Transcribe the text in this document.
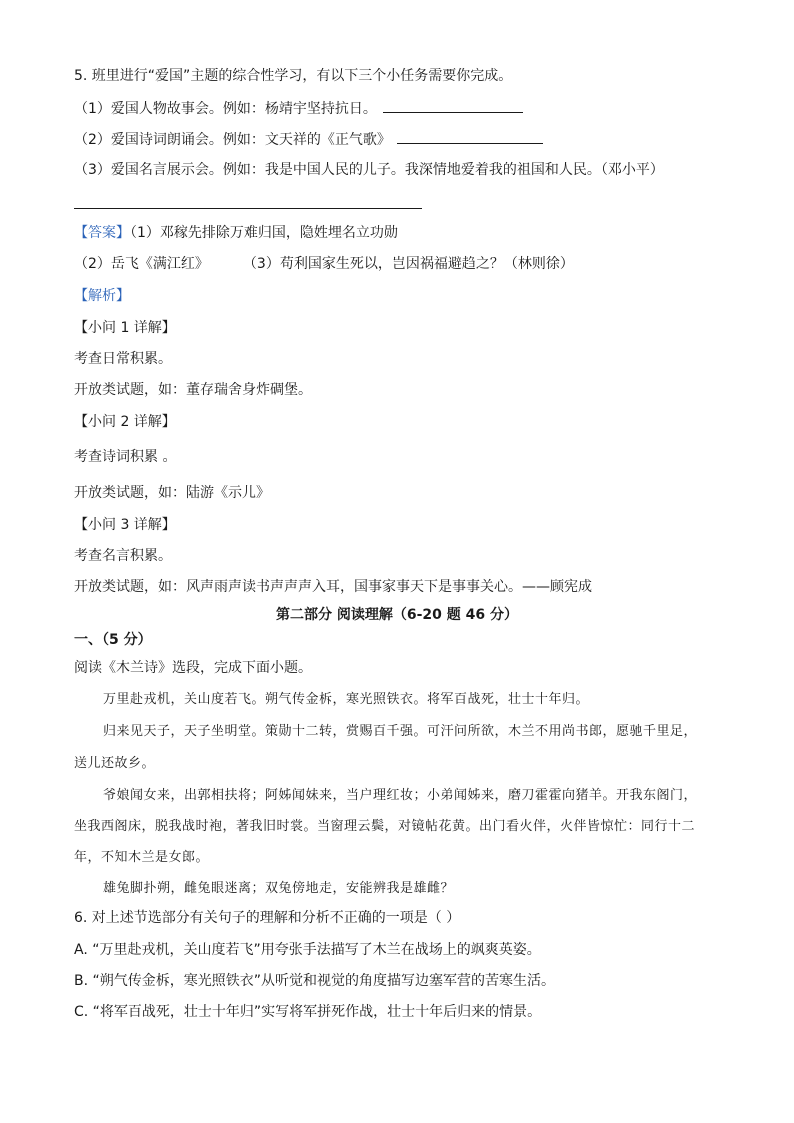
5. 班里进行“爱国”主题的综合性学习，有以下三个小任务需要你完成。
（1）爱国人物故事会。例如：杨靖宇坚持抗日。
（2）爱国诗词朗诵会。例如：文天祥的《正气歌》
（3）爱国名言展示会。例如：我是中国人民的儿子。我深情地爱着我的祖国和人民。（邓小平）
【答案】（1）邓稼先排除万难归国，隐姓埋名立功勋
（2）岳飞《满江红》 （3）苟利国家生死以，岂因祸福避趋之？（林则徐）
【解析】
【小问 1 详解】
考查日常积累。
开放类试题，如：董存瑞舍身炸碉堡。
【小问 2 详解】
考查诗词积累 。
开放类试题，如：陆游《示儿》
【小问 3 详解】
考查名言积累。
开放类试题，如：风声雨声读书声声声入耳，国事家事天下是事事关心。——顾宪成
第二部分 阅读理解（6-20 题 46 分）
一、（5 分）
阅读《木兰诗》选段，完成下面小题。
万里赴戎机，关山度若飞。朔气传金柝，寒光照铁衣。将军百战死，壮士十年归。
归来见天子，天子坐明堂。策勋十二转，赏赐百千强。可汗问所欲，木兰不用尚书郎，愿驰千里足，
送儿还故乡。
爷娘闻女来，出郭相扶将；阿姊闻妹来，当户理红妆；小弟闻姊来，磨刀霍霍向猪羊。开我东阁门，
坐我西阁床，脱我战时袍，著我旧时裳。当窗理云鬓，对镜帖花黄。出门看火伴，火伴皆惊忙：同行十二
年，不知木兰是女郎。
雄兔脚扑朔，雌兔眼迷离；双兔傍地走，安能辨我是雄雌？
6. 对上述节选部分有关句子的理解和分析不正确的一项是（ ）
A. “万里赴戎机，关山度若飞”用夸张手法描写了木兰在战场上的飒爽英姿。
B. “朔气传金柝，寒光照铁衣”从听觉和视觉的角度描写边塞军营的苦寒生活。
C. “将军百战死，壮士十年归”实写将军拼死作战，壮士十年后归来的情景。
